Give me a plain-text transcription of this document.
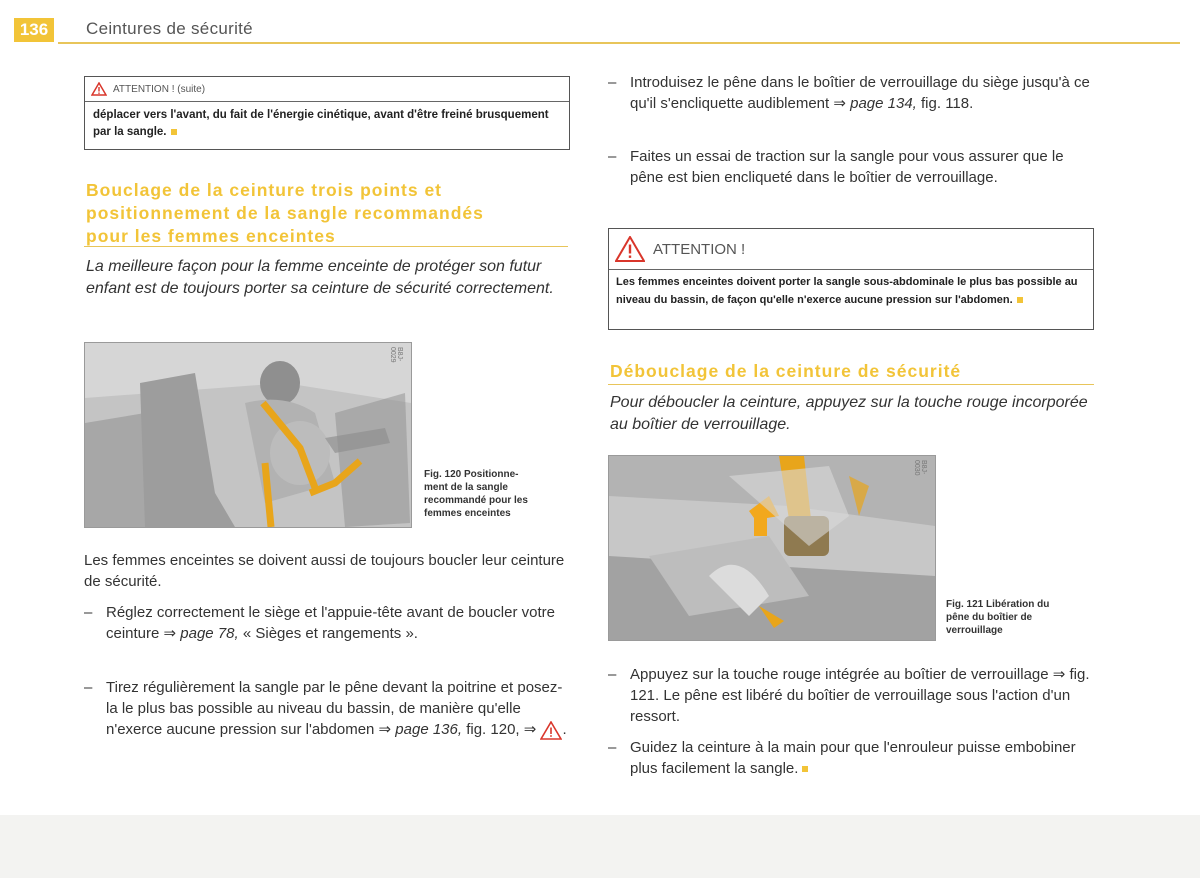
136	Ceintures de sécurité
ATTENTION ! (suite)
déplacer vers l'avant, du fait de l'énergie cinétique, avant d'être freiné brusquement par la sangle.
Bouclage de la ceinture trois points et
positionnement de la sangle recommandés
pour les femmes enceintes
La meilleure façon pour la femme enceinte de protéger son futur enfant est de toujours porter sa ceinture de sécurité correctement.
B8J-0029
Fig. 120 Positionne-
ment de la sangle
recommandé pour les
femmes enceintes
Les femmes enceintes se doivent aussi de toujours boucler leur ceinture de sécurité.
– Réglez correctement le siège et l'appuie-tête avant de boucler votre ceinture ⇒ page 78, « Sièges et rangements ».
– Tirez régulièrement la sangle par le pêne devant la poitrine et posez-la le plus bas possible au niveau du bassin, de manière qu'elle n'exerce aucune pression sur l'abdomen ⇒ page 136, fig. 120, ⇒ .
– Introduisez le pêne dans le boîtier de verrouillage du siège jusqu'à ce qu'il s'encliquette audiblement ⇒ page 134, fig. 118.
– Faites un essai de traction sur la sangle pour vous assurer que le pêne est bien encliqueté dans le boîtier de verrouillage.
ATTENTION !
Les femmes enceintes doivent porter la sangle sous-abdominale le plus bas possible au niveau du bassin, de façon qu'elle n'exerce aucune pression sur l'abdomen.
Débouclage de la ceinture de sécurité
Pour déboucler la ceinture, appuyez sur la touche rouge incorporée au boîtier de verrouillage.
B8J-0030
Fig. 121 Libération du
pêne du boîtier de
verrouillage
– Appuyez sur la touche rouge intégrée au boîtier de verrouillage ⇒ fig. 121. Le pêne est libéré du boîtier de verrouillage sous l'action d'un ressort.
– Guidez la ceinture à la main pour que l'enrouleur puisse embobiner plus facilement la sangle.
